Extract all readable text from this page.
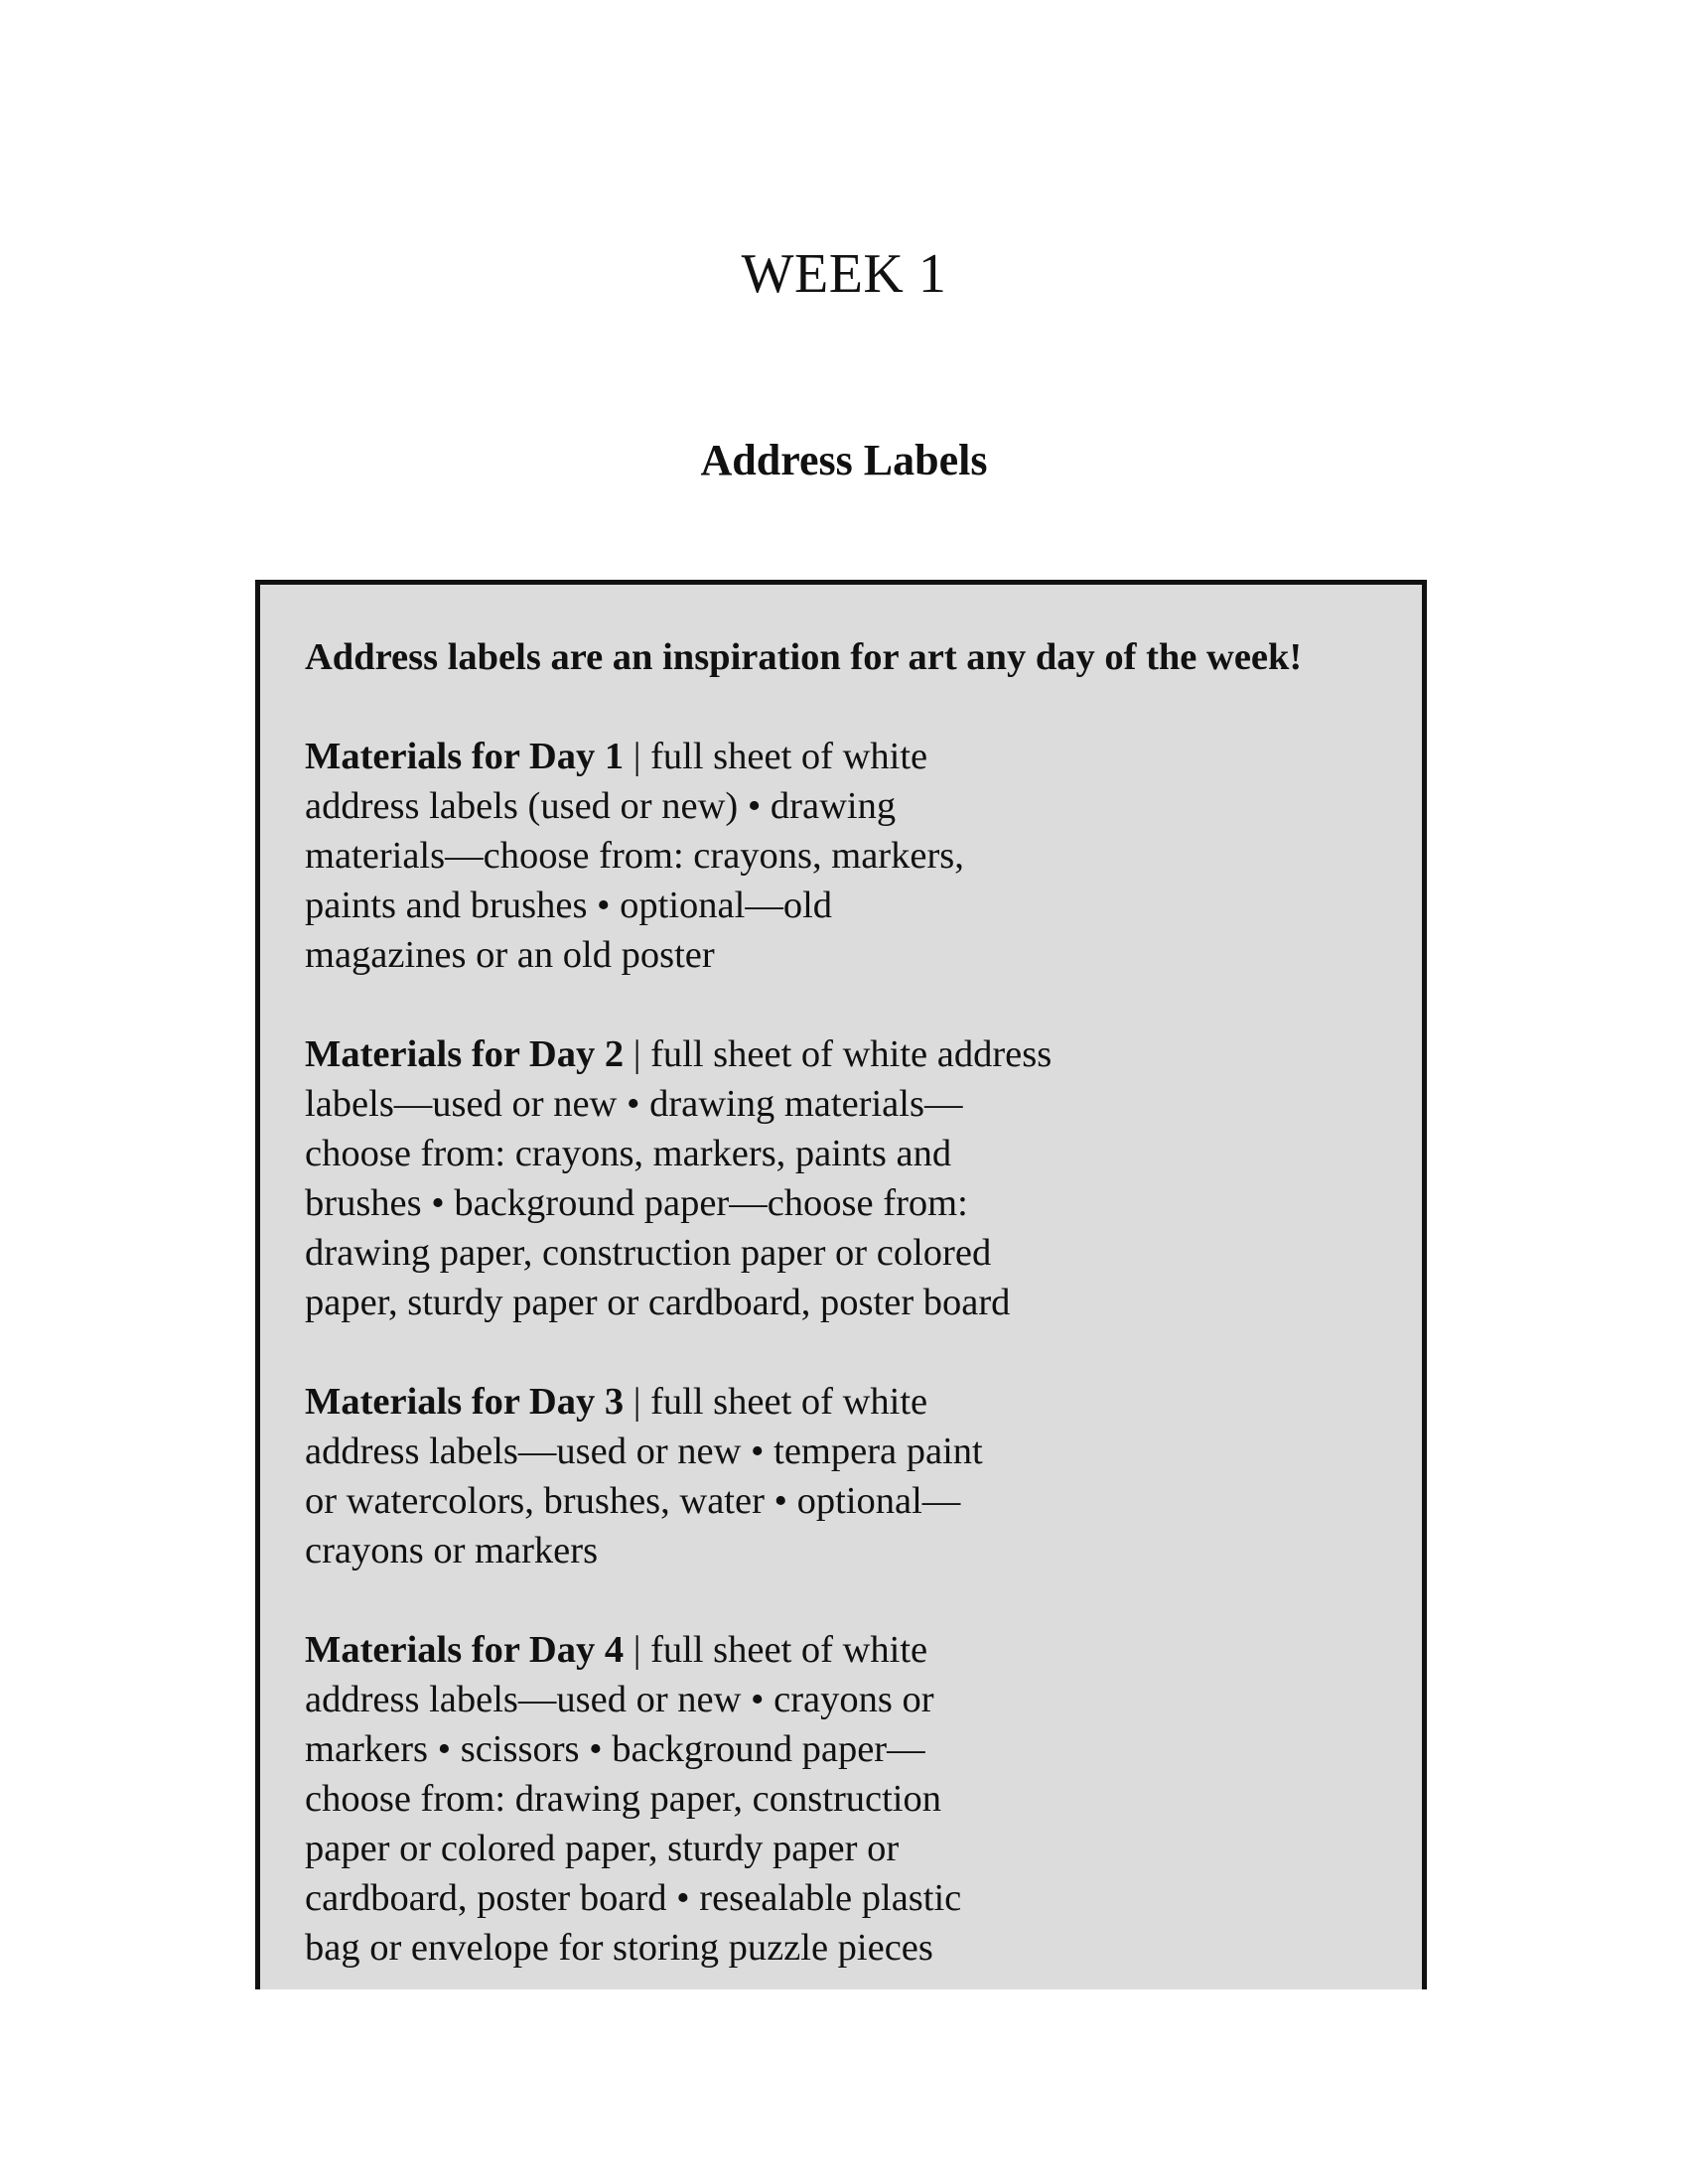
WEEK 1
Address Labels
Address labels are an inspiration for art any day of the week!
Materials for Day 1 | full sheet of white
address labels (used or new) • drawing
materials—choose from: crayons, markers,
paints and brushes • optional—old
magazines or an old poster
Materials for Day 2 | full sheet of white address
labels—used or new • drawing materials—
choose from: crayons, markers, paints and
brushes • background paper—choose from:
drawing paper, construction paper or colored
paper, sturdy paper or cardboard, poster board
Materials for Day 3 | full sheet of white
address labels—used or new • tempera paint
or watercolors, brushes, water • optional—
crayons or markers
Materials for Day 4 | full sheet of white
address labels—used or new • crayons or
markers • scissors • background paper—
choose from: drawing paper, construction
paper or colored paper, sturdy paper or
cardboard, poster board • resealable plastic
bag or envelope for storing puzzle pieces
